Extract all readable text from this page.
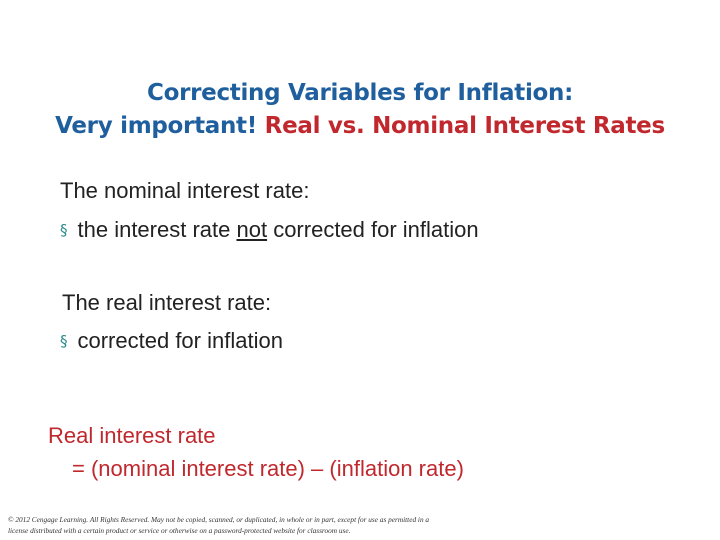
Correcting Variables for Inflation:
Very important! Real vs. Nominal Interest Rates
The nominal interest rate:
§ the interest rate not corrected for inflation
The real interest rate:
§ corrected for inflation
Real interest rate
= (nominal interest rate) – (inflation rate)
© 2012 Cengage Learning. All Rights Reserved. May not be copied, scanned, or duplicated, in whole or in part, except for use as permitted in a license distributed with a certain product or service or otherwise on a password-protected website for classroom use.
